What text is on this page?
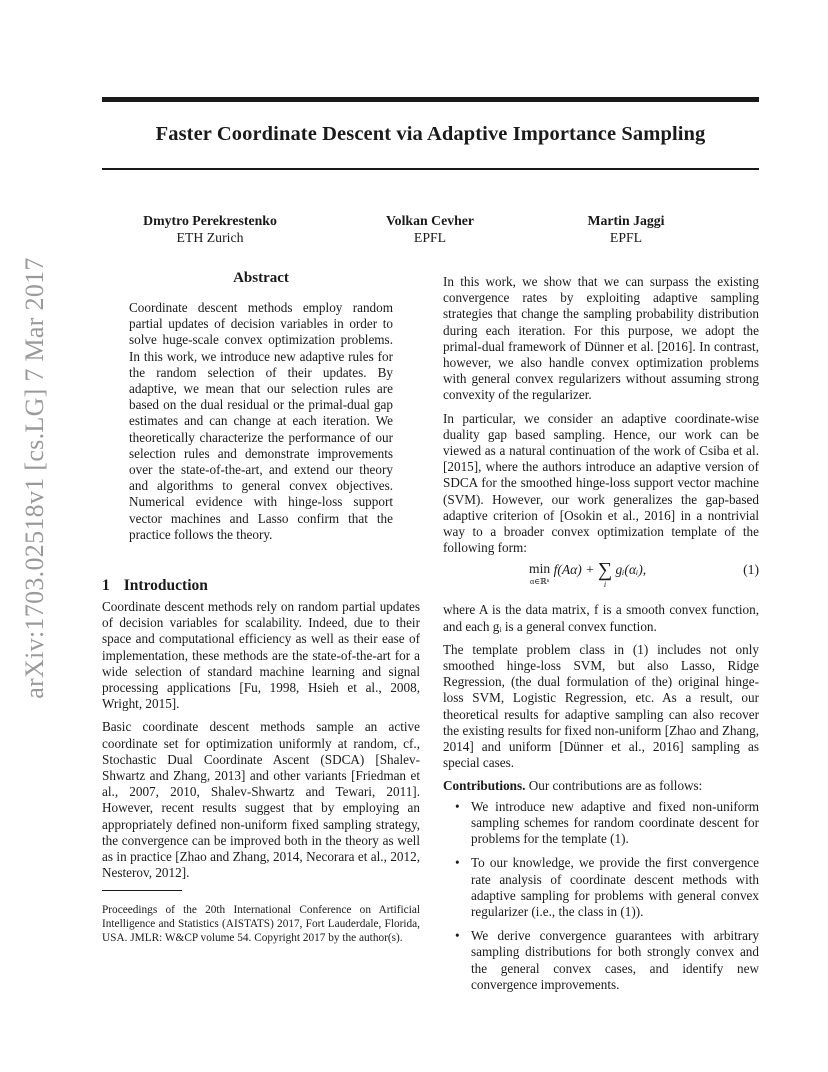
Faster Coordinate Descent via Adaptive Importance Sampling
Dmytro Perekrestenko
ETH Zurich
Volkan Cevher
EPFL
Martin Jaggi
EPFL
arXiv:1703.02518v1 [cs.LG] 7 Mar 2017	Abstract

Coordinate descent methods employ random partial updates of decision variables in order to solve huge-scale convex optimization problems. In this work, we introduce new adaptive rules for the random selection of their updates. By adaptive, we mean that our selection rules are based on the dual residual or the primal-dual gap estimates and can change at each iteration. We theoretically characterize the performance of our selection rules and demonstrate improvements over the state-of-the-art, and extend our theory and algorithms to general convex objectives. Numerical evidence with hinge-loss support vector machines and Lasso confirm that the practice follows the theory.

1 Introduction

Coordinate descent methods rely on random partial updates of decision variables for scalability. Indeed, due to their space and computational efficiency as well as their ease of implementation, these methods are the state-of-the-art for a wide selection of standard machine learning and signal processing applications [Fu, 1998, Hsieh et al., 2008, Wright, 2015].

Basic coordinate descent methods sample an active coordinate set for optimization uniformly at random, cf., Stochastic Dual Coordinate Ascent (SDCA) [Shalev-Shwartz and Zhang, 2013] and other variants [Friedman et al., 2007, 2010, Shalev-Shwartz and Tewari, 2011]. However, recent results suggest that by employing an appropriately defined non-uniform fixed sampling strategy, the convergence can be improved both in the theory as well as in practice [Zhao and Zhang, 2014, Necorara et al., 2012, Nesterov, 2012].

Proceedings of the 20th International Conference on Artificial Intelligence and Statistics (AISTATS) 2017, Fort Lauderdale, Florida, USA. JMLR: W&CP volume 54. Copyright 2017 by the author(s).

In this work, we show that we can surpass the existing convergence rates by exploiting adaptive sampling strategies that change the sampling probability distribution during each iteration. For this purpose, we adopt the primal-dual framework of Dünner et al. [2016]. In contrast, however, we also handle convex optimization problems with general convex regularizers without assuming strong convexity of the regularizer.

In particular, we consider an adaptive coordinate-wise duality gap based sampling. Hence, our work can be viewed as a natural continuation of the work of Csiba et al. [2015], where the authors introduce an adaptive version of SDCA for the smoothed hinge-loss support vector machine (SVM). However, our work generalizes the gap-based adaptive criterion of [Osokin et al., 2016] in a nontrivial way to a broader convex optimization template of the following form:

min
α∈ℝⁿ
f(Aα) + ∑
i
gᵢ(αᵢ),	(1)

where A is the data matrix, f is a smooth convex function, and each gᵢ is a general convex function.

The template problem class in (1) includes not only smoothed hinge-loss SVM, but also Lasso, Ridge Regression, (the dual formulation of the) original hinge-loss SVM, Logistic Regression, etc. As a result, our theoretical results for adaptive sampling can also recover the existing results for fixed non-uniform [Zhao and Zhang, 2014] and uniform [Dünner et al., 2016] sampling as special cases.

Contributions. Our contributions are as follows:

• We introduce new adaptive and fixed non-uniform sampling schemes for random coordinate descent for problems for the template (1).
• To our knowledge, we provide the first convergence rate analysis of coordinate descent methods with adaptive sampling for problems with general convex regularizer (i.e., the class in (1)).
• We derive convergence guarantees with arbitrary sampling distributions for both strongly convex and the general convex cases, and identify new convergence improvements.
